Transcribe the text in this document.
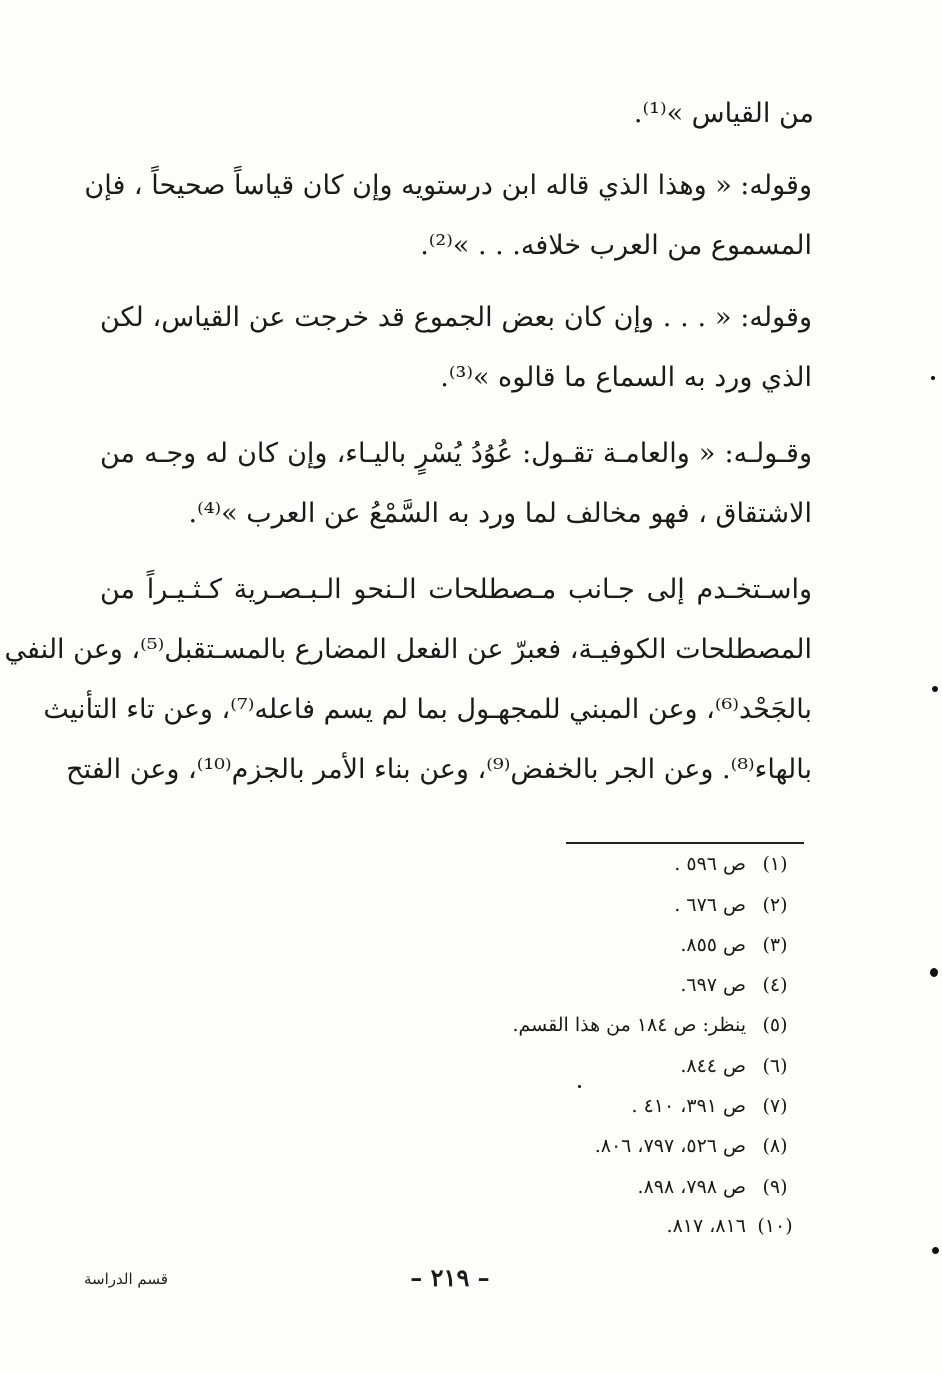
من القياس »⁽¹⁾.
وقوله: « وهذا الذي قاله ابن درستويه وإن كان قياساً صحيحاً ، فإن
المسموع من العرب خلافه. . . »⁽²⁾.
وقوله: « . . . وإن كان بعض الجموع قد خرجت عن القياس، لكن
الذي ورد به السماع ما قالوه »⁽³⁾.
وقـولـه: « والعامـة تقـول: عُوُدُ يُسْرٍ باليـاء، وإن كان له وجـه من
الاشتقاق ، فهو مخالف لما ورد به السَّمْعُ عن العرب »⁽⁴⁾.
واسـتخـدم إلى جـانب مـصطلحات الـنحو الـبـصـرية كـثـيـراً من
المصطلحات الكوفيـة، فعبرّ عن الفعل المضارع بالمسـتقبل⁽⁵⁾، وعن النفي
بالجَحْد⁽⁶⁾، وعن المبني للمجهـول بما لم يسم فاعله⁽⁷⁾، وعن تاء التأنيث
بالهاء⁽⁸⁾. وعن الجر بالخفض⁽⁹⁾، وعن بناء الأمر بالجزم⁽¹⁰⁾، وعن الفتح
(١)ص ٥٩٦ .
(٢)ص ٦٧٦ .
(٣)ص ٨٥٥.
(٤)ص ٦٩٧.
(٥)ينظر: ص ١٨٤ من هذا القسم.
(٦)ص ٨٤٤.
(٧)ص ٣٩١، ٤١٠ .
(٨)ص ٥٢٦، ٧٩٧، ٨٠٦.
(٩)ص ٧٩٨، ٨٩٨.
(١٠)٨١٦، ٨١٧.
– ٢١٩ –
قسم الدراسة
